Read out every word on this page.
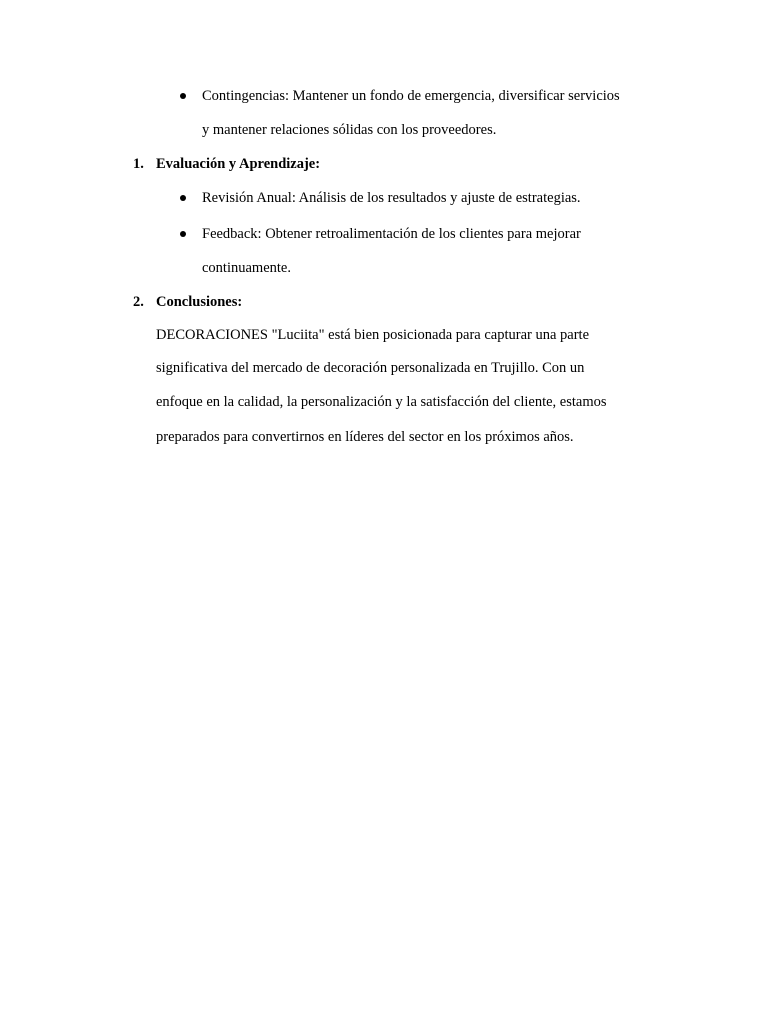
Contingencias: Mantener un fondo de emergencia, diversificar servicios
y mantener relaciones sólidas con los proveedores.
1. Evaluación y Aprendizaje:
Revisión Anual: Análisis de los resultados y ajuste de estrategias.
Feedback: Obtener retroalimentación de los clientes para mejorar
continuamente.
2. Conclusiones:
DECORACIONES "Luciita" está bien posicionada para capturar una parte
significativa del mercado de decoración personalizada en Trujillo. Con un
enfoque en la calidad, la personalización y la satisfacción del cliente, estamos
preparados para convertirnos en líderes del sector en los próximos años.
